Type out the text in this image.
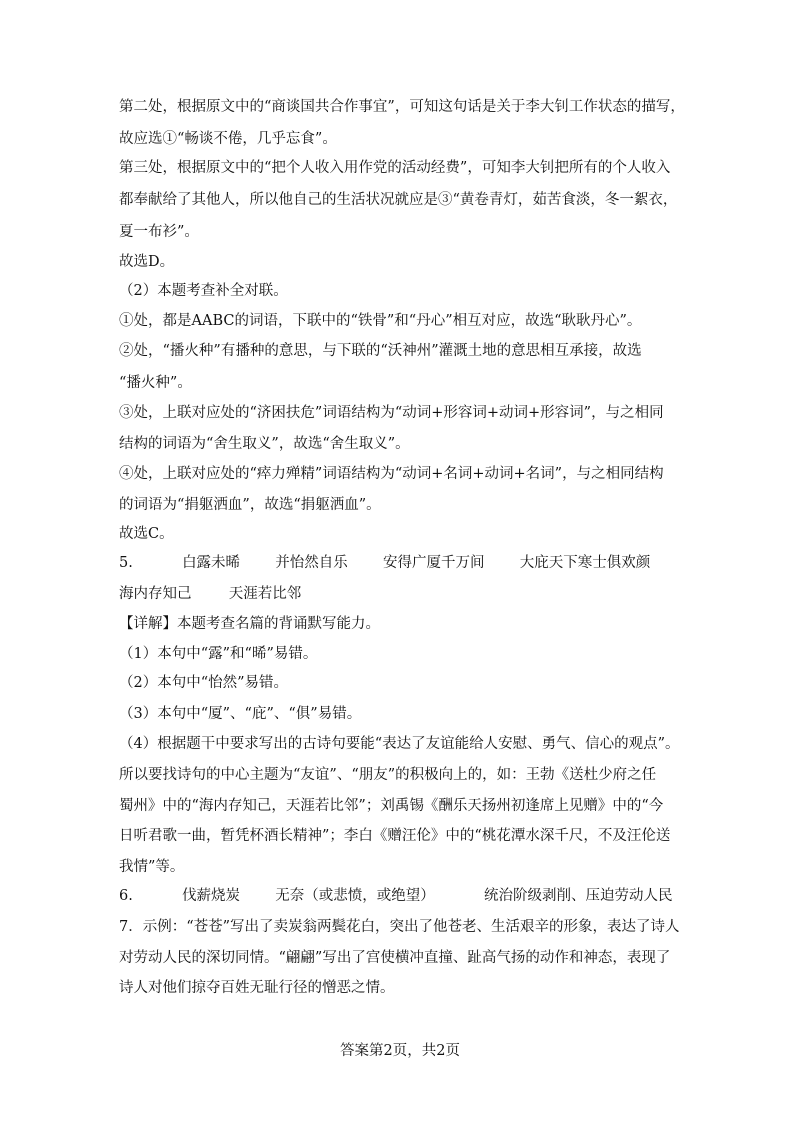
第二处，根据原文中的“商谈国共合作事宜”，可知这句话是关于李大钊工作状态的描写，
故应选①“畅谈不倦，几乎忘食”。
第三处，根据原文中的“把个人收入用作党的活动经费”，可知李大钊把所有的个人收入
都奉献给了其他人，所以他自己的生活状况就应是③“黄卷青灯，茹苦食淡，冬一絮衣，
夏一布衫”。
故选D。
（2）本题考查补全对联。
①处，都是AABC的词语，下联中的“铁骨”和“丹心”相互对应，故选“耿耿丹心”。
②处，“播火种”有播种的意思，与下联的“沃神州”灌溉土地的意思相互承接，故选
“播火种”。
③处，上联对应处的“济困扶危”词语结构为“动词+形容词+动词+形容词”，与之相同
结构的词语为“舍生取义”，故选“舍生取义”。
④处，上联对应处的“瘁力殚精”词语结构为“动词+名词+动词+名词”，与之相同结构
的词语为“捐躯洒血”，故选“捐躯洒血”。
故选C。
5.	白露未晞 并怡然自乐 安得广厦千万间 大庇天下寒士俱欢颜
海内存知己	天涯若比邻
【详解】本题考查名篇的背诵默写能力。
（1）本句中“露”和“晞”易错。
（2）本句中“怡然”易错。
（3）本句中“厦”、“庇”、“俱”易错。
（4）根据题干中要求写出的古诗句要能“表达了友谊能给人安慰、勇气、信心的观点”。
所以要找诗句的中心主题为“友谊”、“朋友”的积极向上的，如：王勃《送杜少府之任
蜀州》中的“海内存知己，天涯若比邻”；刘禹锡《酬乐天扬州初逢席上见赠》中的“今
日听君歌一曲，暂凭杯酒长精神”；李白《赠汪伦》中的“桃花潭水深千尺，不及汪伦送
我情”等。
6.	伐薪烧炭 无奈（或悲愤，或绝望）	统治阶级剥削、压迫劳动人民
7．示例：“苍苍”写出了卖炭翁两鬓花白，突出了他苍老、生活艰辛的形象，表达了诗人
对劳动人民的深切同情。“翩翩”写出了宫使横冲直撞、趾高气扬的动作和神态，表现了
诗人对他们掠夺百姓无耻行径的憎恶之情。
答案第2页，共2页
